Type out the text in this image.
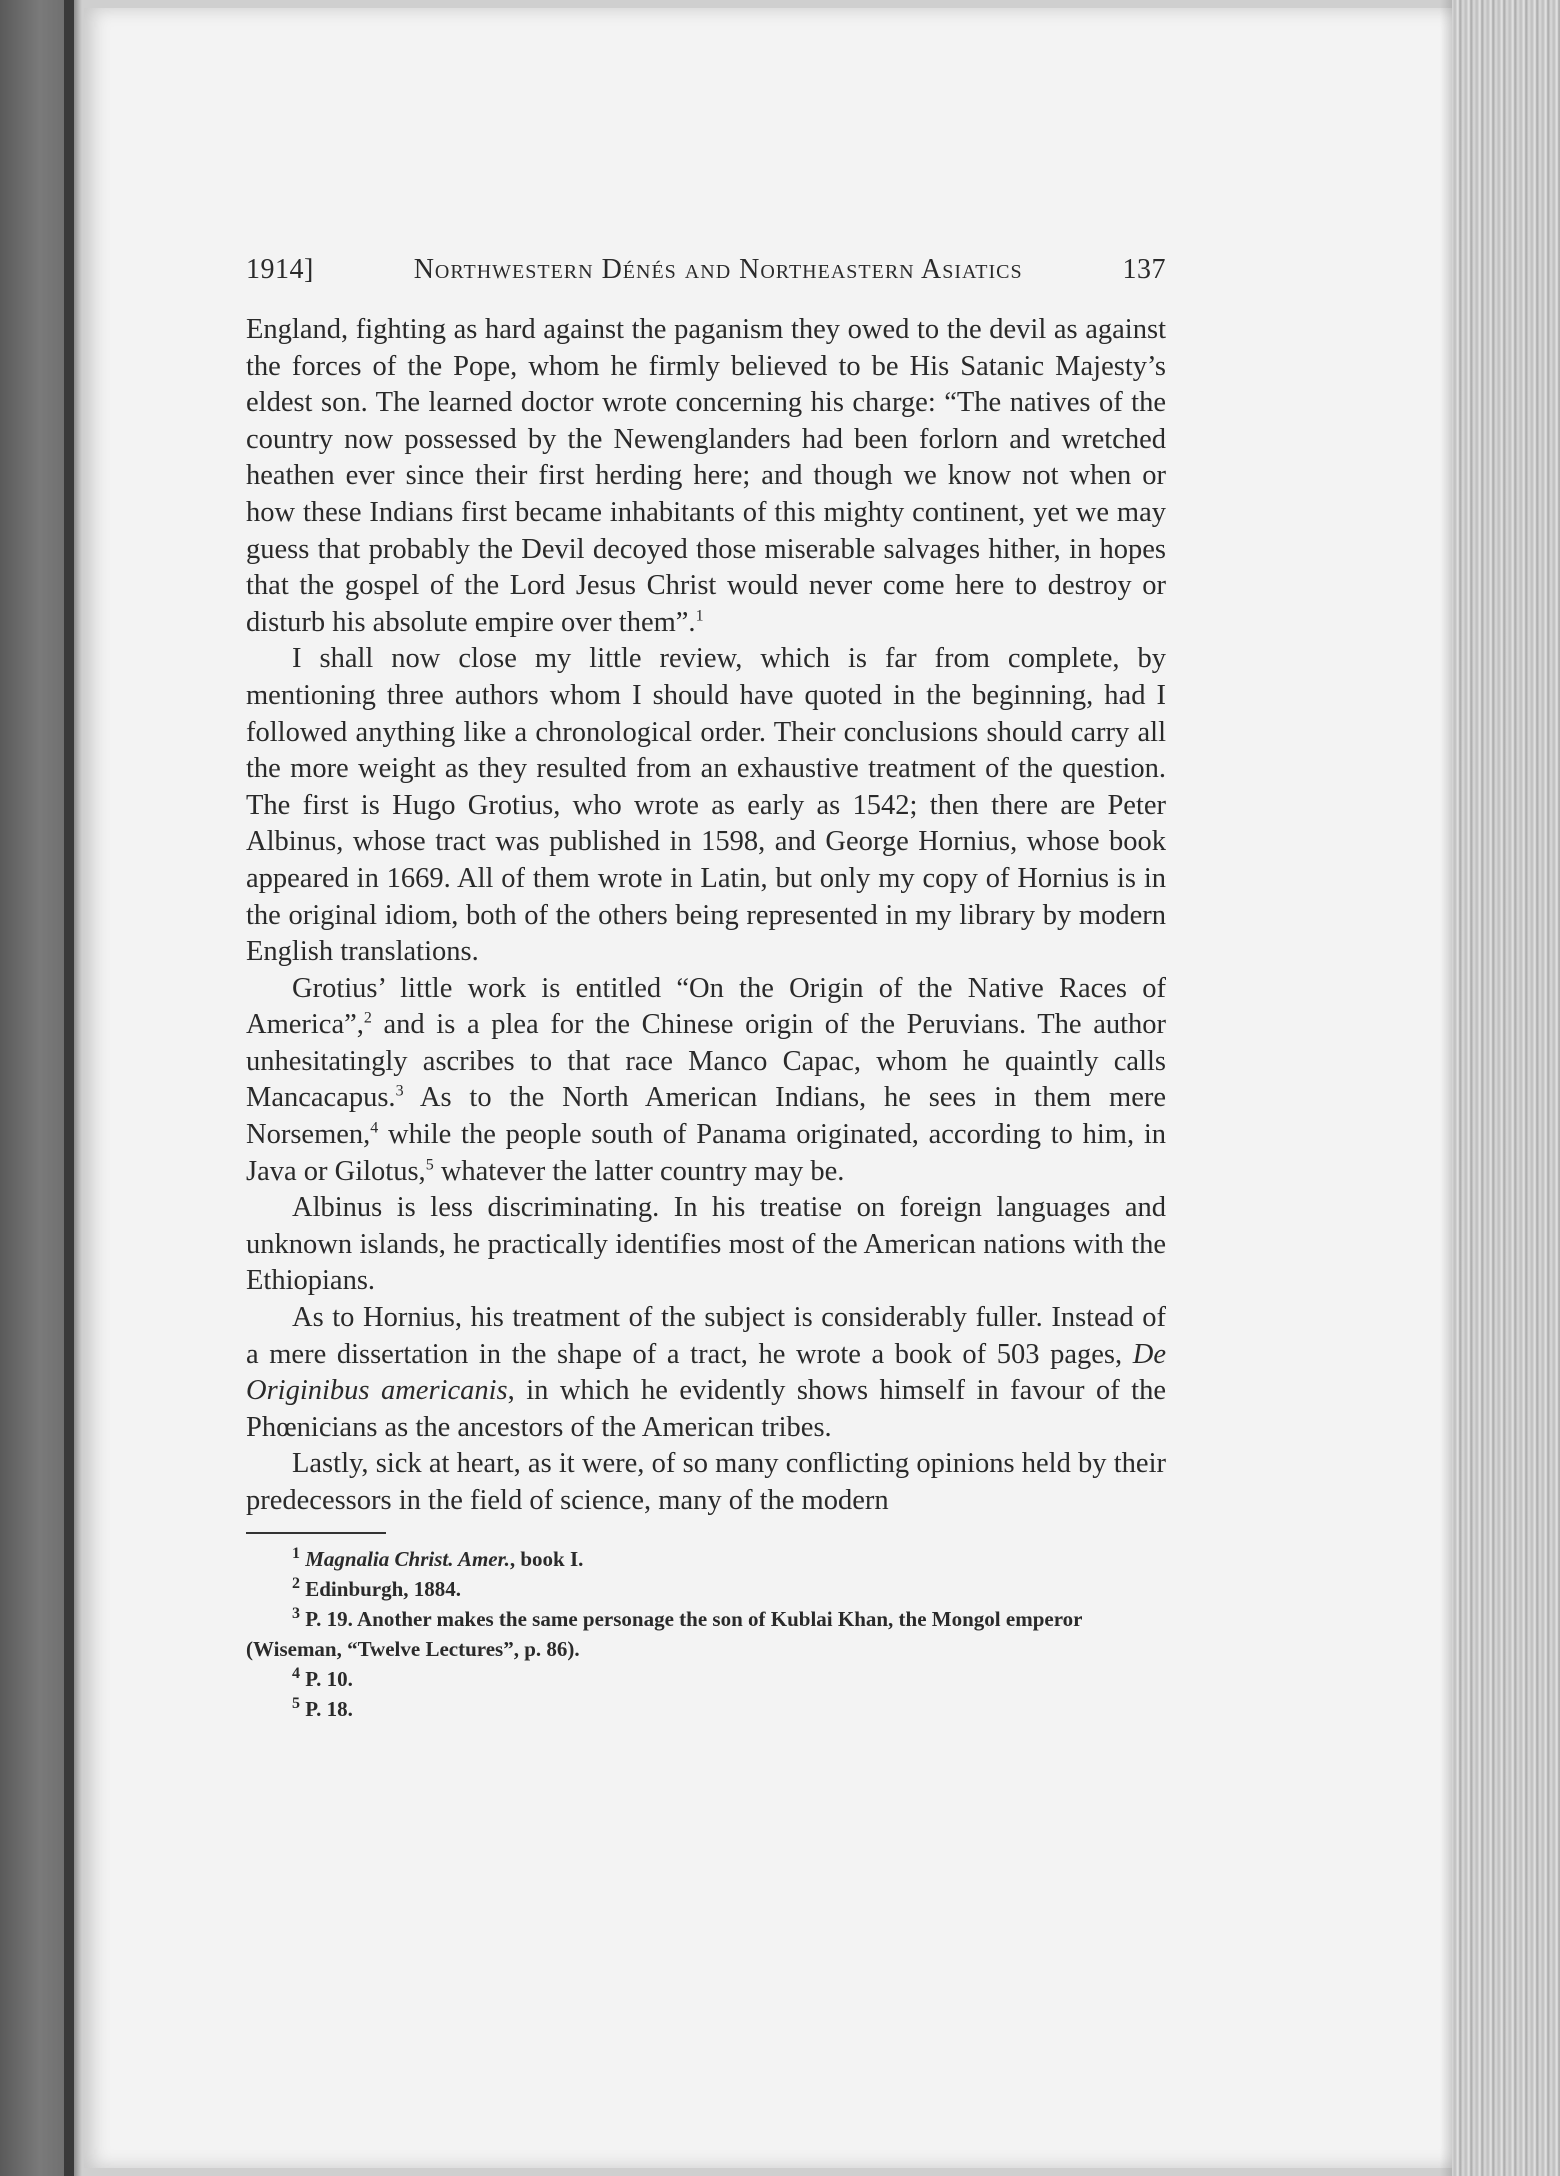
1914]	Northwestern Dénés and Northeastern Asiatics	137

England, fighting as hard against the paganism they owed to the devil as against the forces of the Pope, whom he firmly believed to be His Satanic Majesty’s eldest son. The learned doctor wrote concerning his charge: “The natives of the country now possessed by the Newenglanders had been forlorn and wretched heathen ever since their first herding here; and though we know not when or how these Indians first became inhabitants of this mighty continent, yet we may guess that probably the Devil decoyed those miserable salvages hither, in hopes that the gospel of the Lord Jesus Christ would never come here to destroy or disturb his absolute empire over them”.$^1$

I shall now close my little review, which is far from complete, by mentioning three authors whom I should have quoted in the beginning, had I followed anything like a chronological order. Their conclusions should carry all the more weight as they resulted from an exhaustive treatment of the question. The first is Hugo Grotius, who wrote as early as 1542; then there are Peter Albinus, whose tract was published in 1598, and George Hornius, whose book appeared in 1669. All of them wrote in Latin, but only my copy of Hornius is in the original idiom, both of the others being represented in my library by modern English translations.

Grotius’ little work is entitled “On the Origin of the Native Races of America”,$^2$ and is a plea for the Chinese origin of the Peruvians. The author unhesitatingly ascribes to that race Manco Capac, whom he quaintly calls Mancacapus.$^3$ As to the North American Indians, he sees in them mere Norsemen,$^4$ while the people south of Panama originated, according to him, in Java or Gilotus,$^5$ whatever the latter country may be.

Albinus is less discriminating. In his treatise on foreign languages and unknown islands, he practically identifies most of the American nations with the Ethiopians.

As to Hornius, his treatment of the subject is considerably fuller. Instead of a mere dissertation in the shape of a tract, he wrote a book of 503 pages, De Originibus americanis, in which he evidently shows himself in favour of the Phœnicians as the ancestors of the American tribes.

Lastly, sick at heart, as it were, of so many conflicting opinions held by their predecessors in the field of science, many of the modern

$^1$ Magnalia Christ. Amer., book I.

$^2$ Edinburgh, 1884.

$^3$ P. 19. Another makes the same personage the son of Kublai Khan, the Mongol emperor (Wiseman, “Twelve Lectures”, p. 86).

$^4$ P. 10.

$^5$ P. 18.
